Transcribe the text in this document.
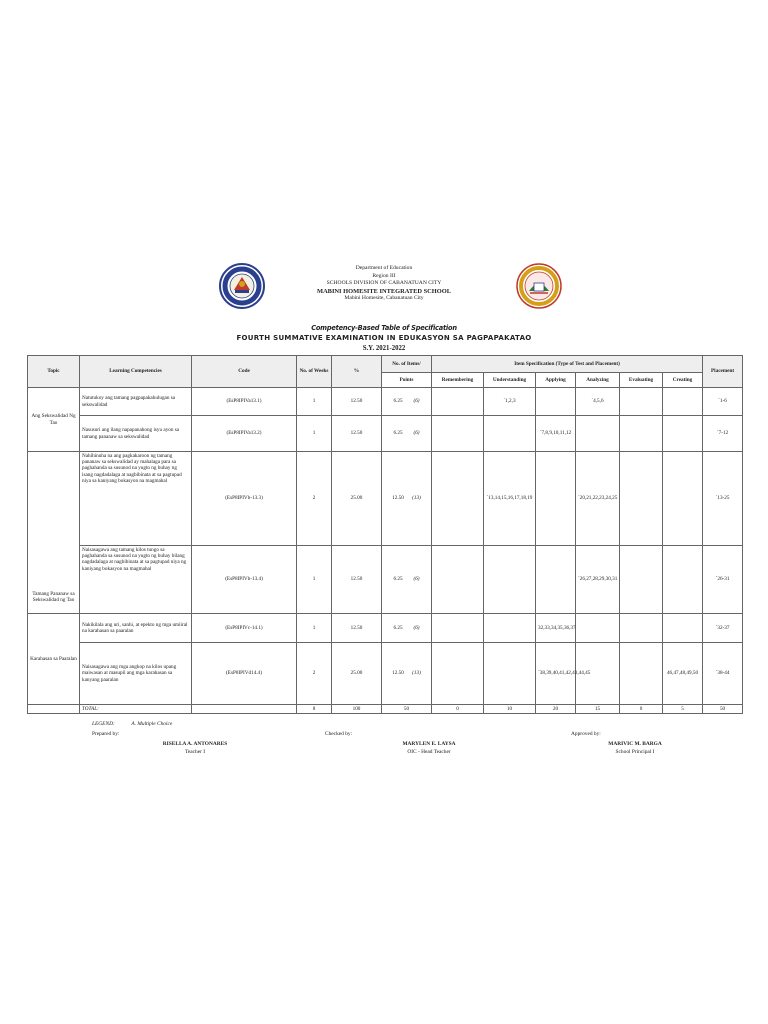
Department of Education
Region III
SCHOOLS DIVISION OF CABANATUAN CITY
MABINI HOMESITE INTEGRATED SCHOOL
Mabini Homesite, Cabanatuan City
Competency-Based Table of Specification
FOURTH SUMMATIVE EXAMINATION IN EDUKASYON SA PAGPAPAKATAO
S.Y. 2021-2022
Topic	Learning Competencies	Code	No. of Weeks	%	No. of Items/	Item Specification (Type of Test and Placement)						Placement
					Points	Remembering	Understanding	Applying	Analyzing	Evaluating	Creating	
Ang Sekswalidad Ng Tao	Natutukoy ang tamang pagpapakahulugan sa sekswalidad	(EsP8IPIVa13.1)	1	12.50	6.25 (6)		`1,2,3		`4,5,6			`1-6
	Nasusuri ang ilang napapanahong isyu ayon sa tamang pananaw sa sekswalidad	(EsP8IPIVa13.2)	1	12.50	6.25 (6)			`7,8,9,10,11,12				`7-12
Tamang Pananaw sa Sekswalidad ng Tao	Nahihinuha na ang pagkakaroon ng tamang pananaw sa sekswalidad ay mahalaga para sa paghahanda sa susunod na yugto ng buhay ng isang nagdadalaga at nagbibinata at sa pagtupad niya sa kaniyang bokasyon na magmahal	(EsP8IPIVb-13.3)	2	25.00	12.50 (13)		`13,14,15,16,17,18,19		`20,21,22,23,24,25			`13-25
	Naisasagawa ang tamang kilos tungo sa paghahanda sa susunod na yugto ng buhay bilang nagdadalaga at nagbibinata at sa pagtupad niya ng kaniyang bokasyon na magmahal	(EsP8IPIVb-13.4)	1	12.50	6.25 (6)				`26,27,28,29,30,31			`26-31
Karahasan sa Paaralan	Nakikilala ang uri, sanhi, at epekto ng mga umiiral na karahasan sa paaralan	(EsP8IPIVc-14.1)	1	12.50	6.25 (6)			32,33,34,35,36,37				`32-37
	Naisasagawa ang mga angkop na kilos upang maiwasan at masupil ang mga karahasan sa kanyang paaralan	(EsP8IPIVd14.4)	2	25.00	12.50 (13)			`38,39,40,41,42,43,44,45			46,47,48,49,50	`38-44
	TOTAL:		8	100	50	0	10	20	15	0	5	50
LEGEND:	A. Multiple Choice
Prepared by:
RISELLA A. ANTONARES
Teacher I
Checked by:
MARYLEN E. LAYSA
OIC - Head Teacher
Approved by:
MARIVIC M. BARGA
School Principal I
